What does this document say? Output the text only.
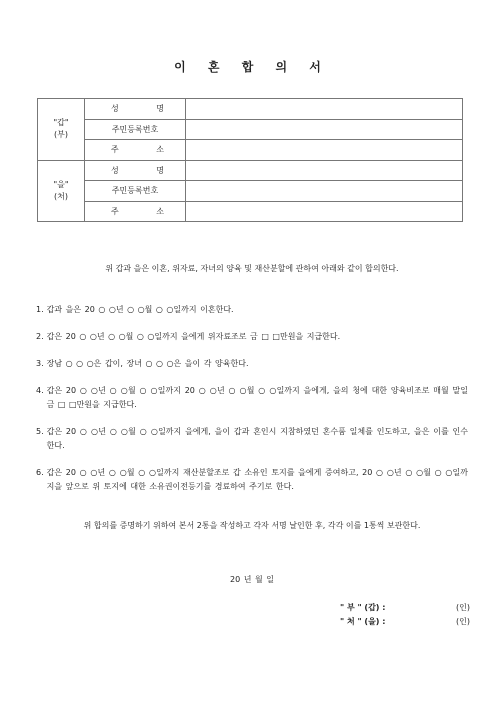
이 혼 합 의 서
"갑"
(부)	성 명	

	주민등록번호	

	주 소	

"을"
(처)	성 명	

	주민등록번호	

	주 소	

위 갑과 을은 이혼, 위자료, 자녀의 양육 및 재산분할에 관하여 아래와 같이 합의한다.
1. 갑과 을은 20 ○ ○년 ○ ○월 ○ ○일까지 이혼한다.
2. 갑은 20 ○ ○년 ○ ○월 ○ ○일까지 을에게 위자료조로 금 □ □만원을 지급한다.
3. 장남 ○ ○ ○은 갑이, 장녀 ○ ○ ○은 을이 각 양육한다.
4. 갑은 20 ○ ○년 ○ ○월 ○ ○일까지 20 ○ ○년 ○ ○월 ○ ○일까지 을에게, 을의 청에 대한 양육비조로 매월 말일 금 □ □만원을 지급한다.
5. 갑은 20 ○ ○년 ○ ○월 ○ ○일까지 을에게, 을이 갑과 혼인시 지참하였던 혼수품 일체를 인도하고, 을은 이를 인수한다.
6. 갑은 20 ○ ○년 ○ ○월 ○ ○일까지 재산분할조로 갑 소유인 토지를 을에게 증여하고, 20 ○ ○년 ○ ○월 ○ ○일까지을 앞으로 위 토지에 대한 소유권이전등기를 경료하여 주기로 한다.
위 합의를 증명하기 위하여 본서 2통을 작성하고 각자 서명 날인한 후, 각각 이를 1통씩 보관한다.
20 년 월 일
" 부 " (갑) :	(인)
" 처 " (을) :	(인)
